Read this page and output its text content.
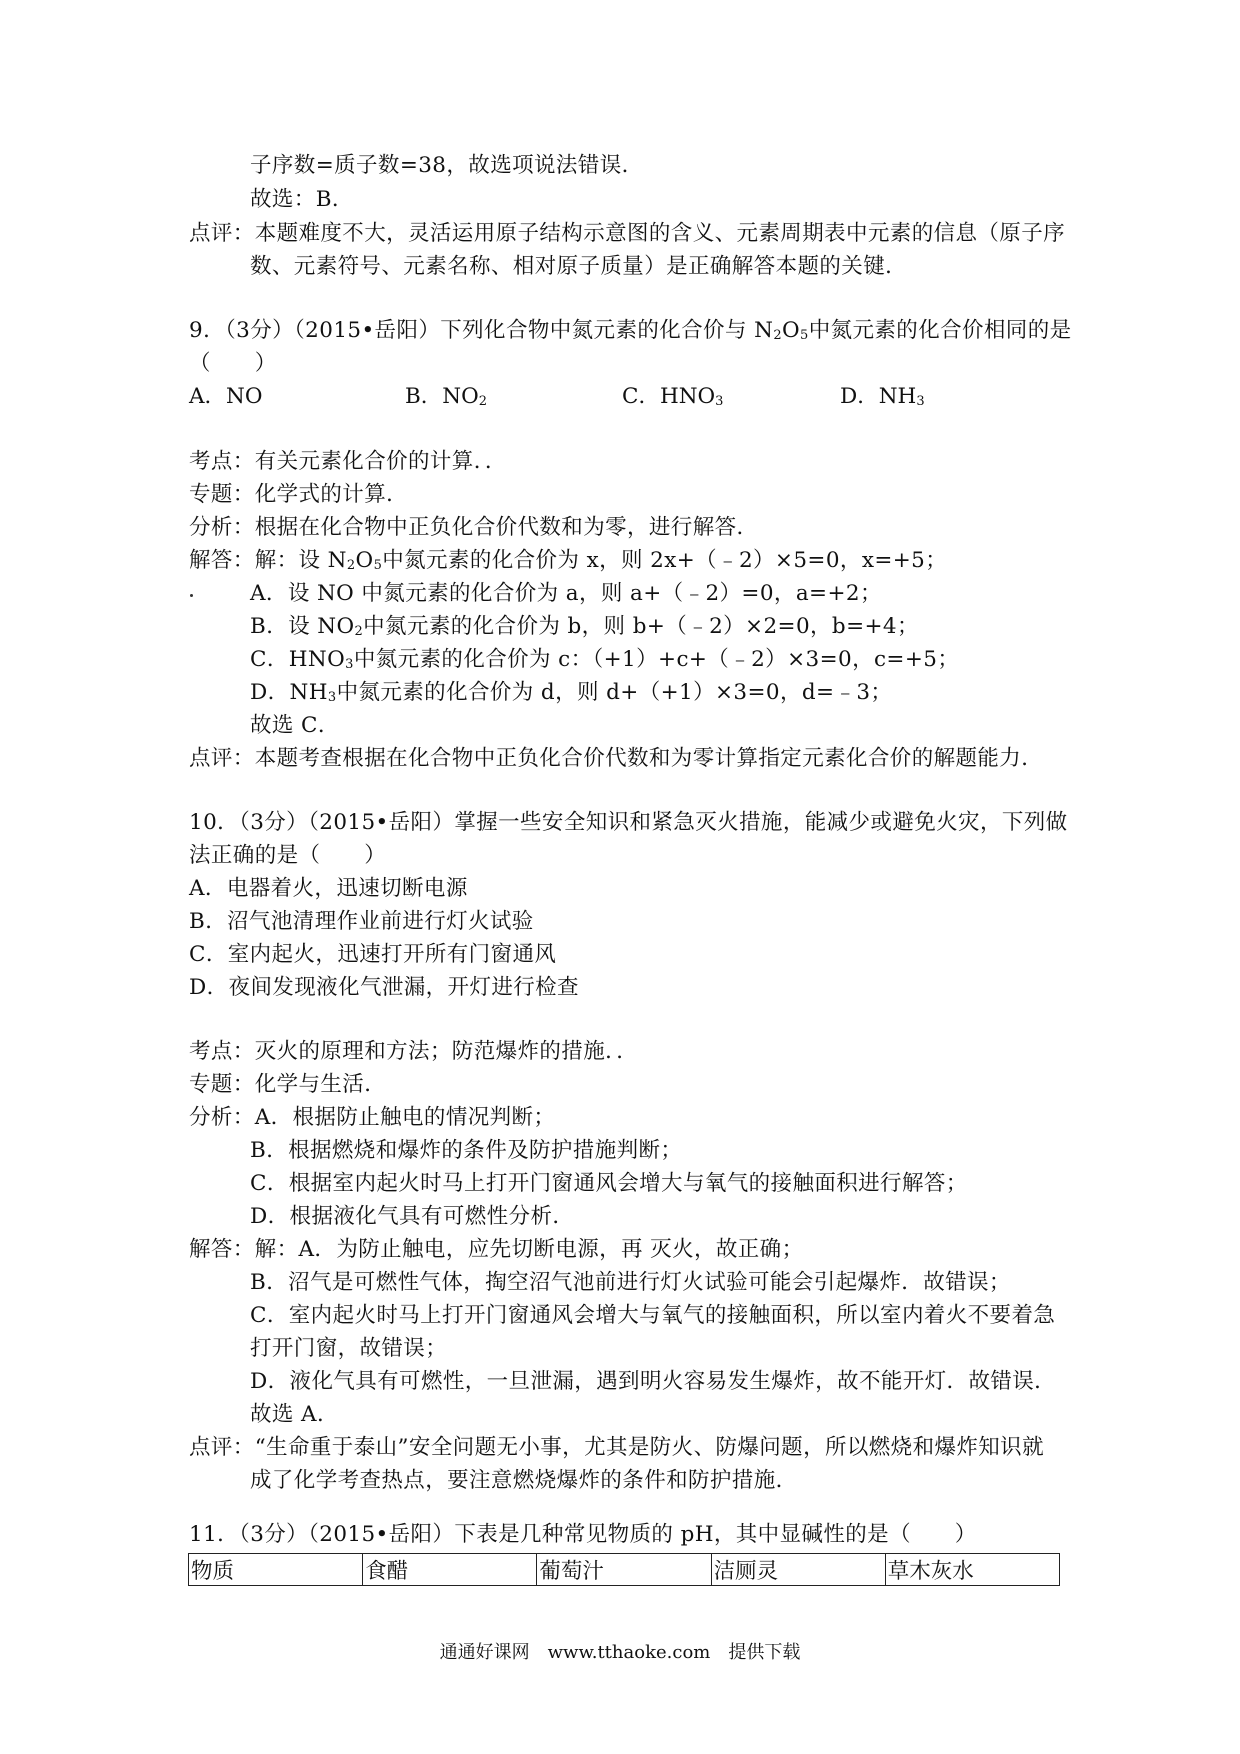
子序数=质子数=38，故选项说法错误．
故选：B．
点评：本题难度不大，灵活运用原子结构示意图的含义、元素周期表中元素的信息（原子序
数、元素符号、元素名称、相对原子质量）是正确解答本题的关键．
9．（3分）（2015•岳阳）下列化合物中氮元素的化合价与 $N_2O_5$中氮元素的化合价相同的是
（　　）
A．NO	B．$NO_2$	C．$HNO_3$	D．$NH_3$
考点：有关元素化合价的计算．．
专题：化学式的计算．
分析：根据在化合物中正负化合价代数和为零，进行解答．
解答：解：设 $N_2O_5$中氮元素的化合价为 x，则 2x+（﹣2）×5=0，x=+5；
A．设 NO 中氮元素的化合价为 a，则 a+（﹣2）=0，a=+2；
B．设 $NO_2$中氮元素的化合价为 b，则 b+（﹣2）×2=0，b=+4；
C．$HNO_3$中氮元素的化合价为 c：（+1）+c+（﹣2）×3=0，c=+5；
D．$NH_3$中氮元素的化合价为 d，则 d+（+1）×3=0，d=﹣3；
故选 C．
点评：本题考查根据在化合物中正负化合价代数和为零计算指定元素化合价的解题能力．
10．（3分）（2015•岳阳）掌握一些安全知识和紧急灭火措施，能减少或避免火灾，下列做
法正确的是（　　）
A．电器着火，迅速切断电源
B．沼气池清理作业前进行灯火试验
C．室内起火，迅速打开所有门窗通风
D．夜间发现液化气泄漏，开灯进行检查
考点：灭火的原理和方法；防范爆炸的措施．．
专题：化学与生活．
分析：A．根据防止触电的情况判断；
B．根据燃烧和爆炸的条件及防护措施判断；
C．根据室内起火时马上打开门窗通风会增大与氧气的接触面积进行解答；
D．根据液化气具有可燃性分析．
解答：解：A．为防止触电，应先切断电源，再 灭火，故正确；
B．沼气是可燃性气体，掏空沼气池前进行灯火试验可能会引起爆炸．故错误；
C．室内起火时马上打开门窗通风会增大与氧气的接触面积，所以室内着火不要着急
打开门窗，故错误；
D．液化气具有可燃性，一旦泄漏，遇到明火容易发生爆炸，故不能开灯．故错误．
故选 A．
点评：“生命重于泰山”安全问题无小事，尤其是防火、防爆问题，所以燃烧和爆炸知识就
成了化学考查热点，要注意燃烧爆炸的条件和防护措施．
11．（3分）（2015•岳阳）下表是几种常见物质的 pH，其中显碱性的是（　　）
物质	食醋	葡萄汁	洁厕灵	草木灰水
通通好课网　www.tthaoke.com　提供下载
